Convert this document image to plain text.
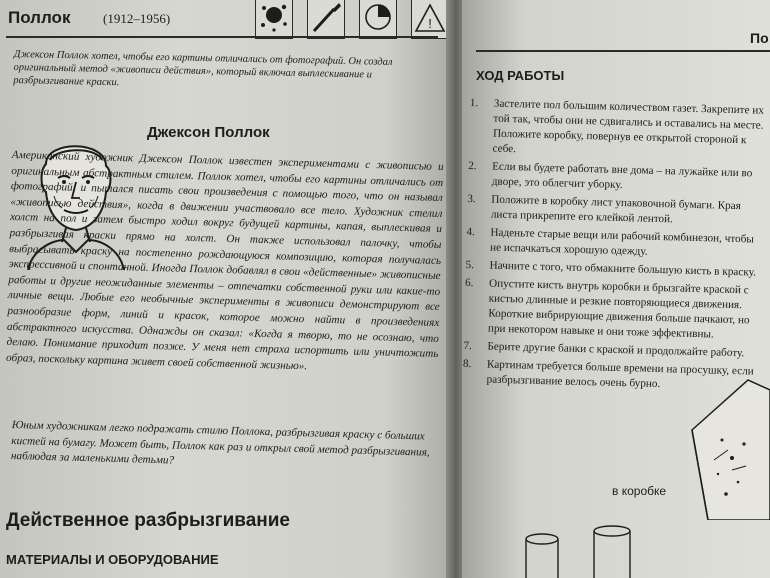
Поллок	(1912–1956)	!
Джексон Поллок хотел, чтобы его картины отличались от фотографий. Он создал оригинальный метод «живописи действия», который включал выплескивание и разбрызгивание краски.
Джексон Поллок

Американский художник Джексон Поллок известен экспериментами с живописью и оригинальным абстрактным стилем. Поллок хотел, чтобы его картины отличались от фотографий, и пытался писать свои произведения с помощью того, что он называл «живописью действия», когда в движении участвовало все тело. Художник стелил холст на пол и затем быстро ходил вокруг будущей картины, капая, выплескивая и разбрызгивая краски прямо на холст. Он также использовал палочку, чтобы выбрасывать краску на постепенно рождающуюся композицию, которая получалась экспрессивной и спонтанной. Иногда Поллок добавлял в свои «действенные» живописные работы и другие неожиданные элементы – отпечатки собственной руки или какие-то личные вещи. Любые его необычные эксперименты в живописи демонстрируют все разнообразие форм, линий и красок, которое можно найти в произведениях абстрактного искусства. Однажды он сказал: «Когда я творю, то не осознаю, что делаю. Понимание приходит позже. У меня нет страха испортить или уничтожить образ, поскольку картина живет своей собственной жизнью».

Юным художникам легко подражать стилю Поллока, разбрызгивая краску с больших кистей на бумагу. Может быть, Поллок как раз и открыл свой метод разбрызгивания, наблюдая за маленькими детьми?

Действенное разбрызгивание
МАТЕРИАЛЫ И ОБОРУДОВАНИЕ
По
ХОД РАБОТЫ
1. Застелите пол большим количеством газет. Закрепите их той так, чтобы они не сдвигались и оставались на месте. Положите коробку, повернув ее открытой стороной к себе.
2. Если вы будете работать вне дома – на лужайке или во дворе, это облегчит уборку.
3. Положите в коробку лист упаковочной бумаги. Края листа прикрепите его клейкой лентой.
4. Наденьте старые вещи или рабочий комбинезон, чтобы не испачкаться хорошую одежду.
5. Начните с того, что обмакните большую кисть в краску.
6. Опустите кисть внутрь коробки и брызгайте краской с кистью длинные и резкие повторяющиеся движения. Короткие вибрирующие движения больше пачкают, но при некотором навыке и они тоже эффективны.
7. Берите другие банки с краской и продолжайте работу.
8. Картинам требуется больше времени на просушку, если разбрызгивание велось очень бурно.
в коробке
